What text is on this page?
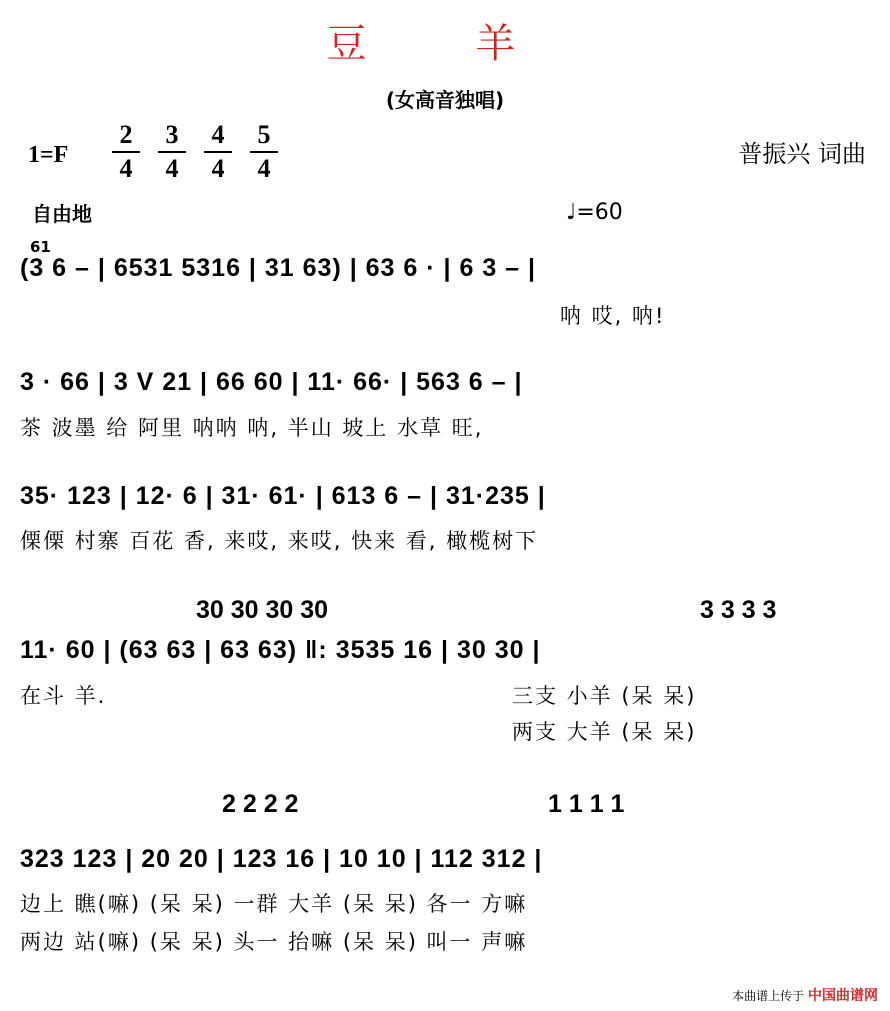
豆 羊
(女高音独唱)
1=F
2
4
3
4
4
4
5
4	普振兴 词曲
自由地	♩=60
61
(3 6 – | 6531 5316 | 31 63) | 63 6 · | 6 3 – |
呐 哎, 呐!
3 · 66 | 3 V 21 | 66 60 | 11· 66· | 563 6 – |
茶 波墨 给 阿里 呐呐 呐, 半山 坡上 水草 旺,
35· 123 | 12· 6 | 31· 61· | 613 6 – | 31·235 |
傈傈 村寨 百花 香, 来哎, 来哎, 快来 看, 橄榄树下
30 30 30 30	3 3 3 3
11· 60 | (63 63 | 63 63) ‖: 3535 16 | 30 30 |
在斗 羊.	三支 小羊 (呆 呆)
两支 大羊 (呆 呆)
2 2 2 2	1 1 1 1
323 123 | 20 20 | 123 16 | 10 10 | 112 312 |
边上 瞧(嘛) (呆 呆) 一群 大羊 (呆 呆) 各一 方嘛
两边 站(嘛) (呆 呆) 头一 抬嘛 (呆 呆) 叫一 声嘛
本曲谱上传于 中国曲谱网
